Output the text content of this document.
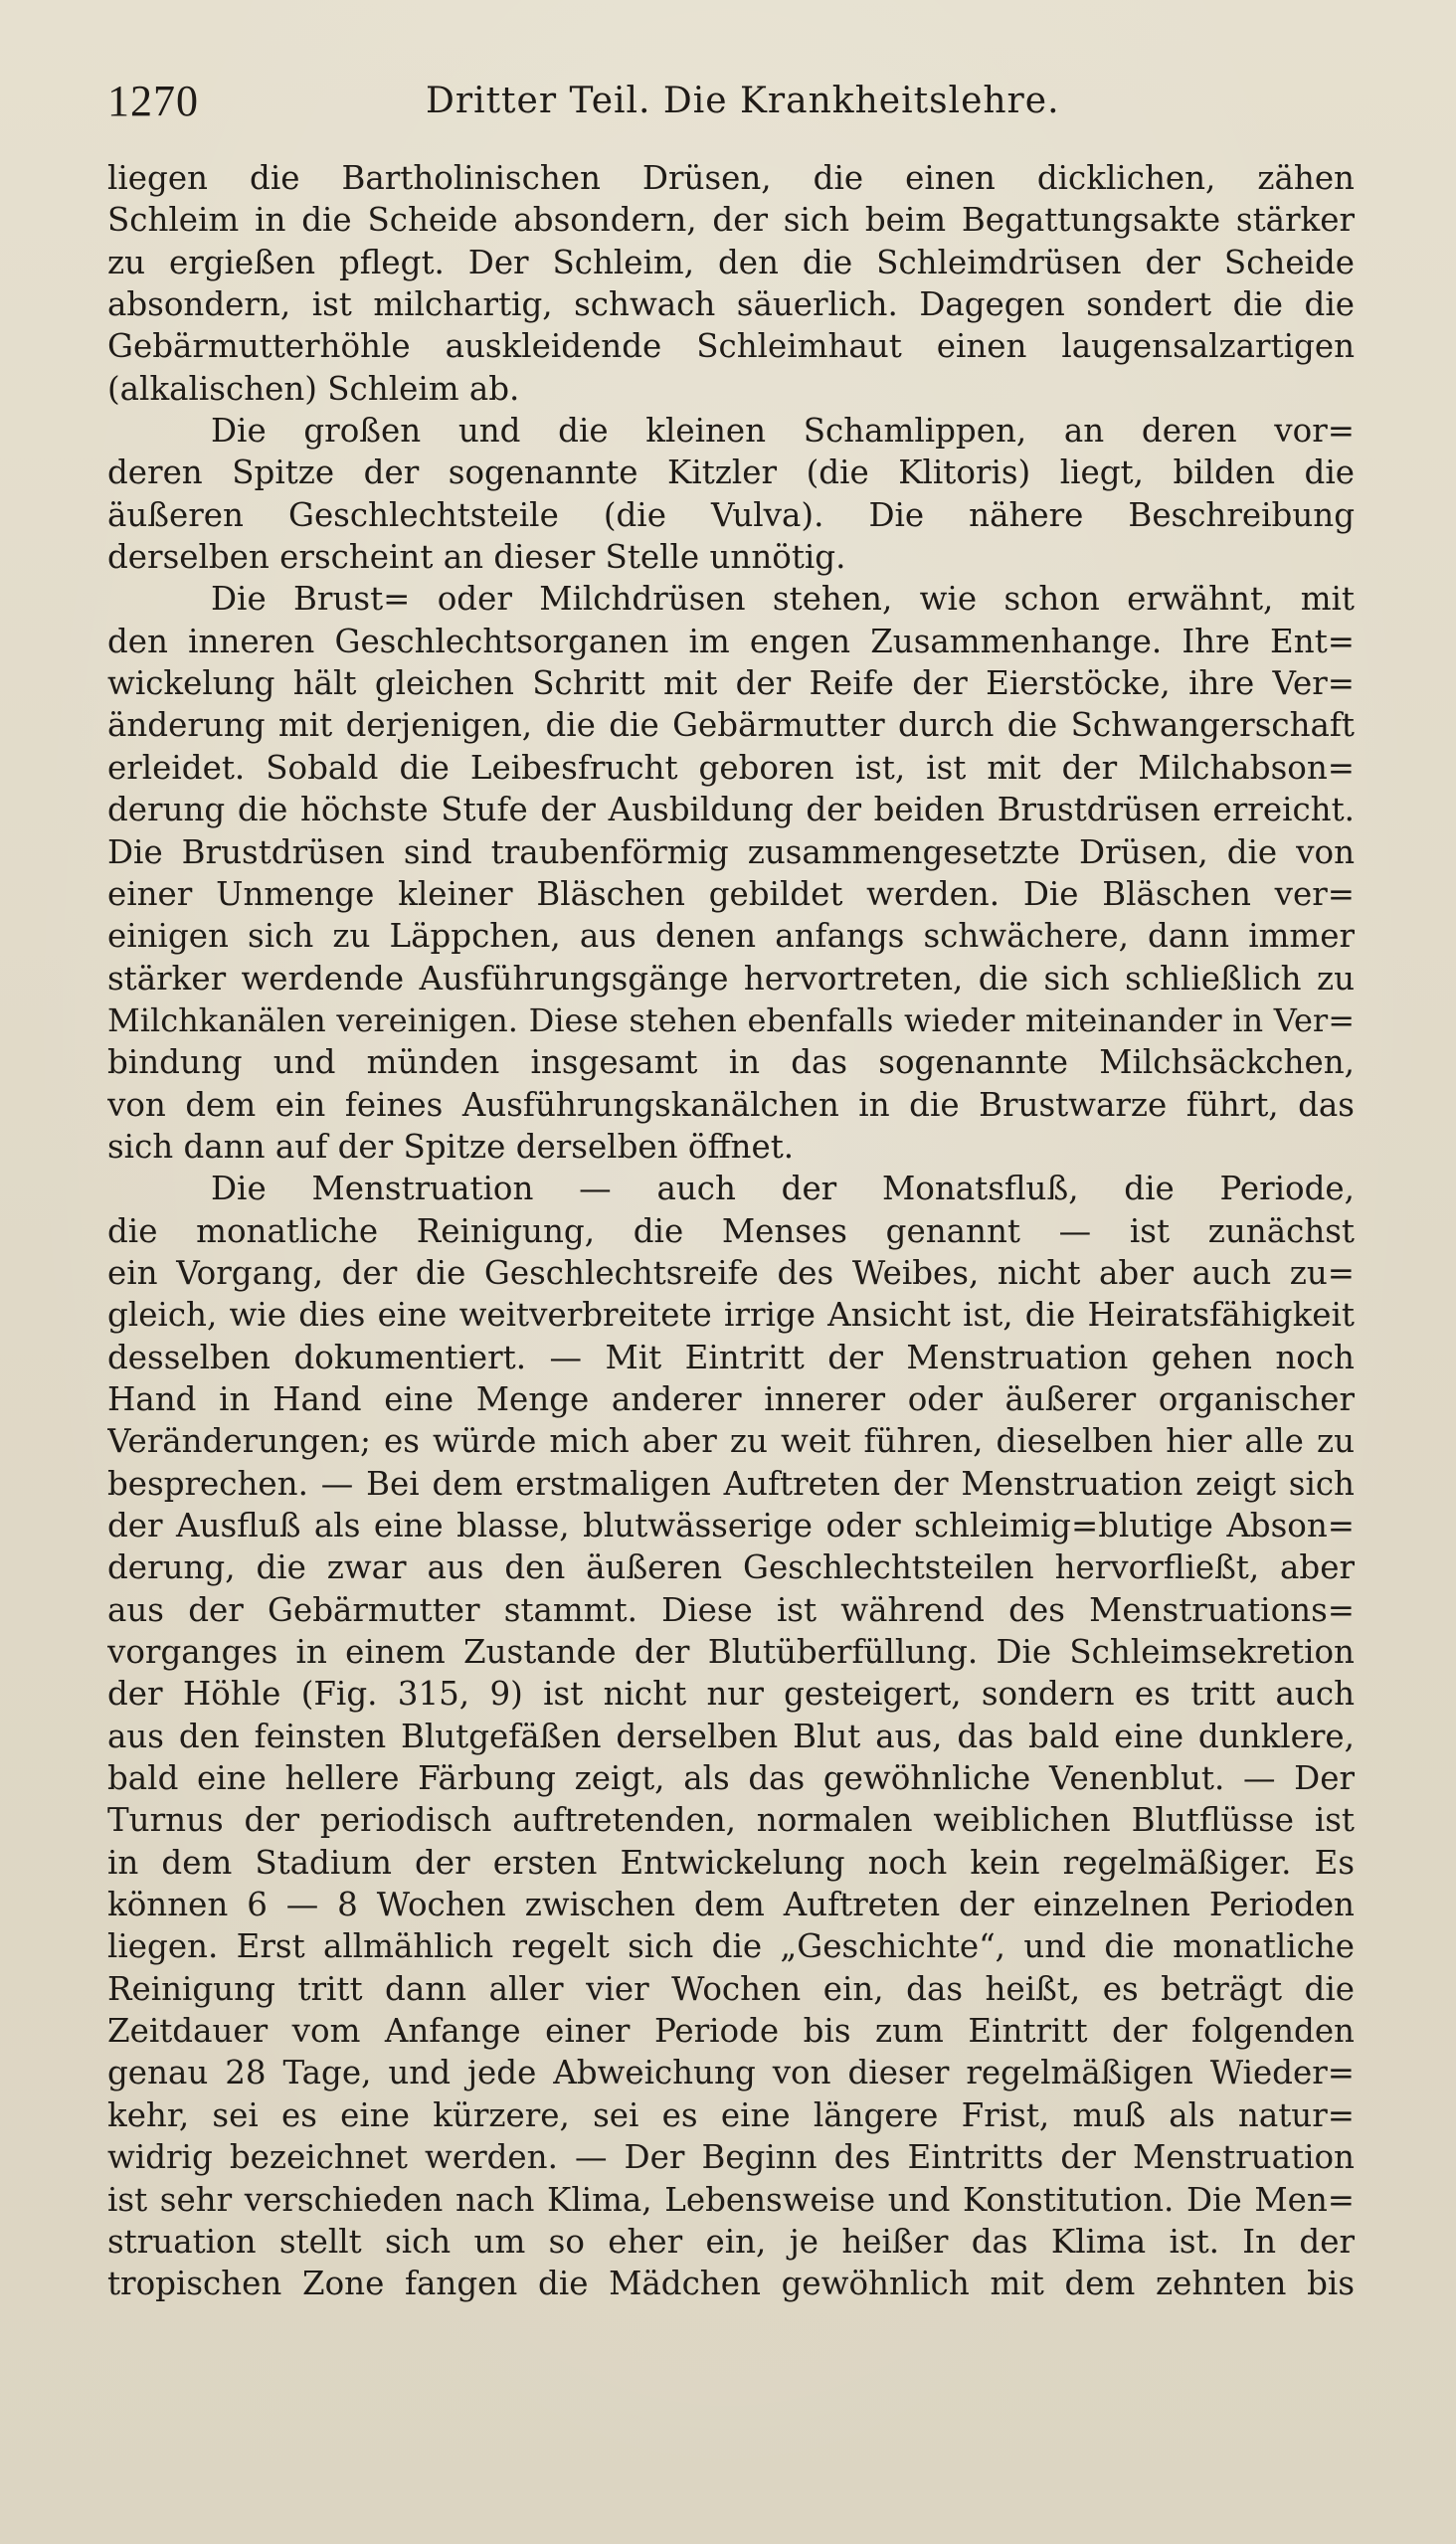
1270	Dritter Teil. Die Krankheitslehre.
liegen die Bartholinischen Drüsen, die einen dicklichen, zähen
Schleim in die Scheide absondern, der sich beim Begattungsakte stärker
zu ergießen pflegt. Der Schleim, den die Schleimdrüsen der Scheide
absondern, ist milchartig, schwach säuerlich. Dagegen sondert die die
Gebärmutterhöhle auskleidende Schleimhaut einen laugensalzartigen
(alkalischen) Schleim ab.
Die großen und die kleinen Schamlippen, an deren vor=
deren Spitze der sogenannte Kitzler (die Klitoris) liegt, bilden die
äußeren Geschlechtsteile (die Vulva). Die nähere Beschreibung
derselben erscheint an dieser Stelle unnötig.
Die Brust= oder Milchdrüsen stehen, wie schon erwähnt, mit
den inneren Geschlechtsorganen im engen Zusammenhange. Ihre Ent=
wickelung hält gleichen Schritt mit der Reife der Eierstöcke, ihre Ver=
änderung mit derjenigen, die die Gebärmutter durch die Schwangerschaft
erleidet. Sobald die Leibesfrucht geboren ist, ist mit der Milchabson=
derung die höchste Stufe der Ausbildung der beiden Brustdrüsen erreicht.
Die Brustdrüsen sind traubenförmig zusammengesetzte Drüsen, die von
einer Unmenge kleiner Bläschen gebildet werden. Die Bläschen ver=
einigen sich zu Läppchen, aus denen anfangs schwächere, dann immer
stärker werdende Ausführungsgänge hervortreten, die sich schließlich zu
Milchkanälen vereinigen. Diese stehen ebenfalls wieder miteinander in Ver=
bindung und münden insgesamt in das sogenannte Milchsäckchen,
von dem ein feines Ausführungskanälchen in die Brustwarze führt, das
sich dann auf der Spitze derselben öffnet.
Die Menstruation — auch der Monatsfluß, die Periode,
die monatliche Reinigung, die Menses genannt — ist zunächst
ein Vorgang, der die Geschlechtsreife des Weibes, nicht aber auch zu=
gleich, wie dies eine weitverbreitete irrige Ansicht ist, die Heiratsfähigkeit
desselben dokumentiert. — Mit Eintritt der Menstruation gehen noch
Hand in Hand eine Menge anderer innerer oder äußerer organischer
Veränderungen; es würde mich aber zu weit führen, dieselben hier alle zu
besprechen. — Bei dem erstmaligen Auftreten der Menstruation zeigt sich
der Ausfluß als eine blasse, blutwässerige oder schleimig=blutige Abson=
derung, die zwar aus den äußeren Geschlechtsteilen hervorfließt, aber
aus der Gebärmutter stammt. Diese ist während des Menstruations=
vorganges in einem Zustande der Blutüberfüllung. Die Schleimsekretion
der Höhle (Fig. 315, 9) ist nicht nur gesteigert, sondern es tritt auch
aus den feinsten Blutgefäßen derselben Blut aus, das bald eine dunklere,
bald eine hellere Färbung zeigt, als das gewöhnliche Venenblut. — Der
Turnus der periodisch auftretenden, normalen weiblichen Blutflüsse ist
in dem Stadium der ersten Entwickelung noch kein regelmäßiger. Es
können 6 — 8 Wochen zwischen dem Auftreten der einzelnen Perioden
liegen. Erst allmählich regelt sich die „Geschichte“, und die monatliche
Reinigung tritt dann aller vier Wochen ein, das heißt, es beträgt die
Zeitdauer vom Anfange einer Periode bis zum Eintritt der folgenden
genau 28 Tage, und jede Abweichung von dieser regelmäßigen Wieder=
kehr, sei es eine kürzere, sei es eine längere Frist, muß als natur=
widrig bezeichnet werden. — Der Beginn des Eintritts der Menstruation
ist sehr verschieden nach Klima, Lebensweise und Konstitution. Die Men=
struation stellt sich um so eher ein, je heißer das Klima ist. In der
tropischen Zone fangen die Mädchen gewöhnlich mit dem zehnten bis
